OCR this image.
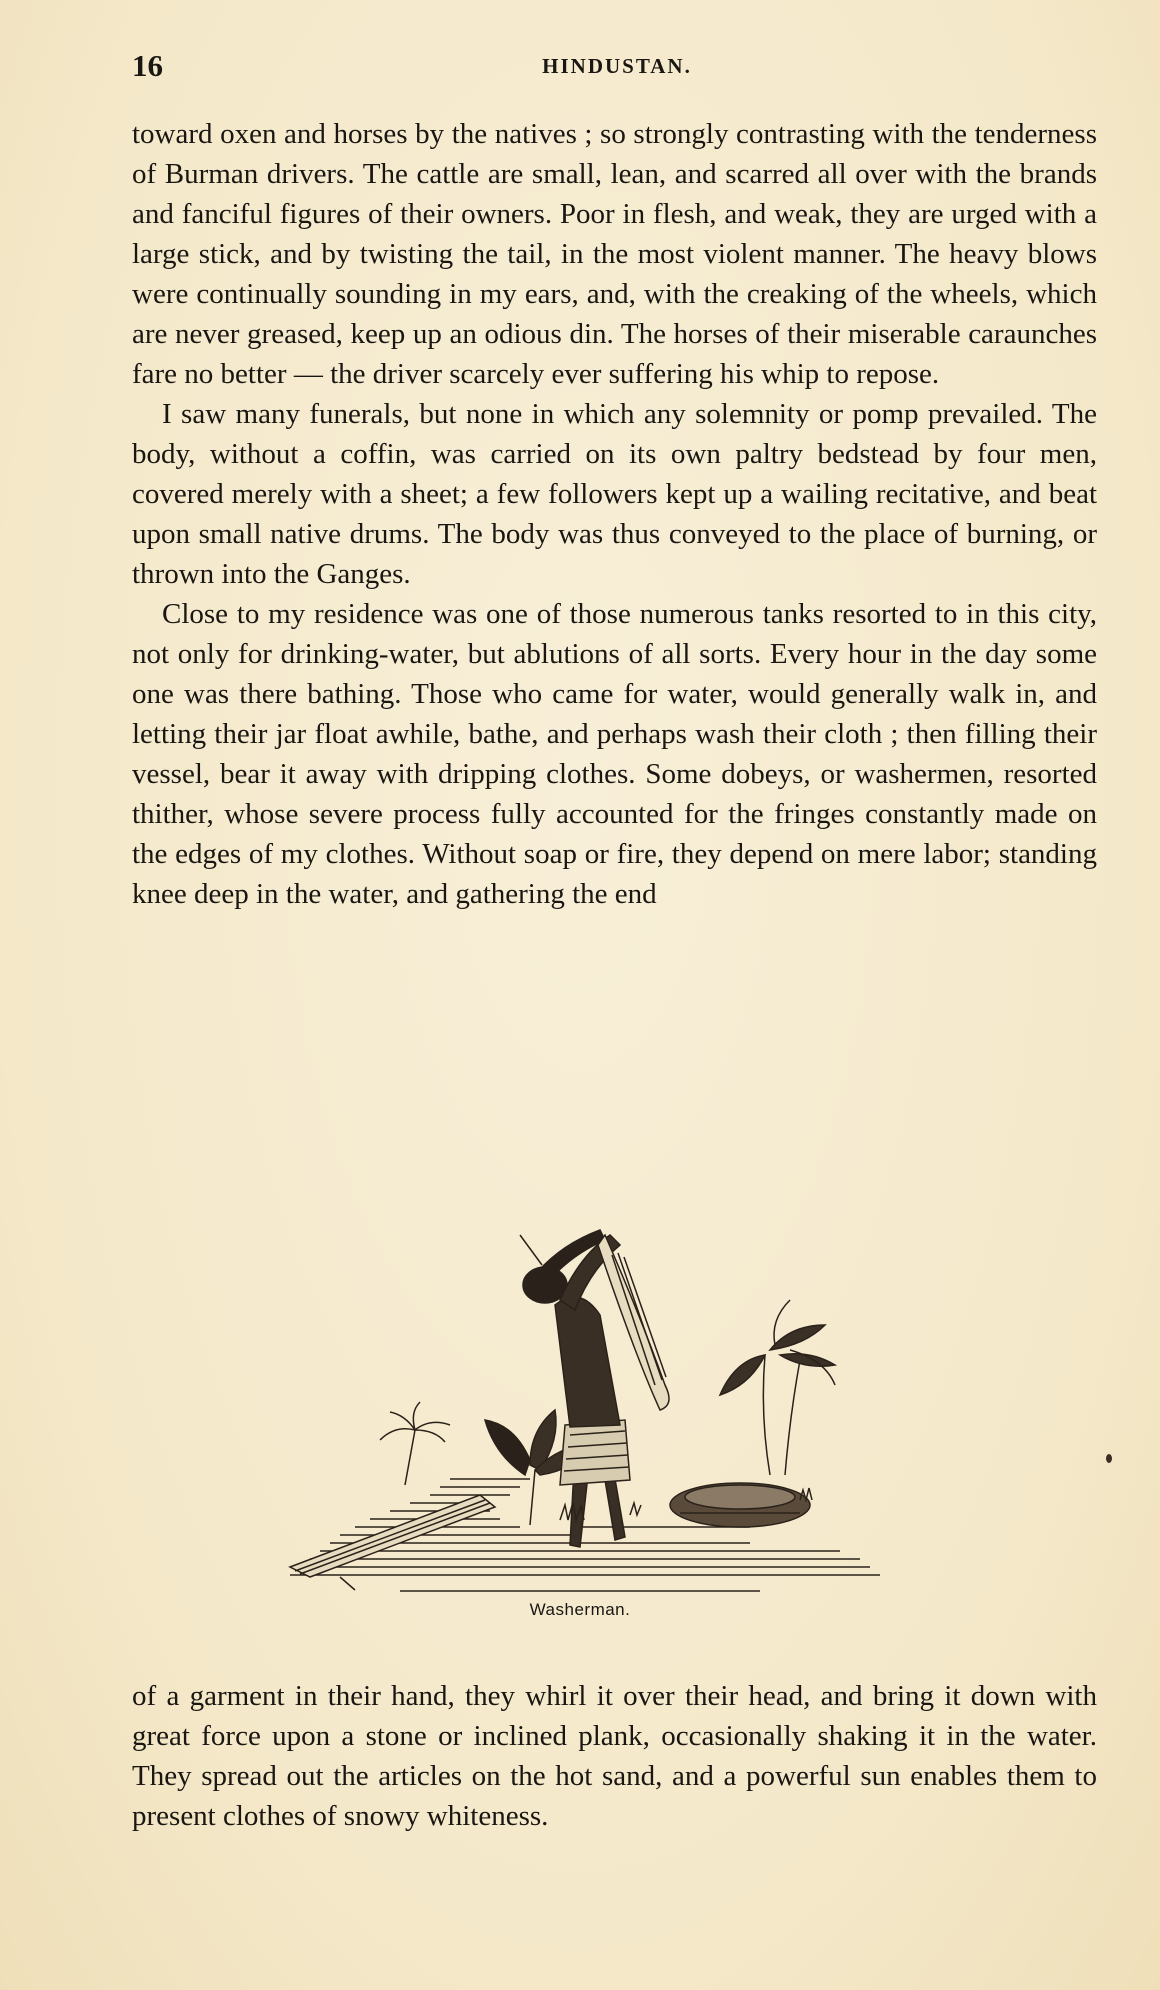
16	HINDUSTAN.

toward oxen and horses by the natives ; so strongly contrasting with the tenderness of Burman drivers. The cattle are small, lean, and scarred all over with the brands and fanciful figures of their owners. Poor in flesh, and weak, they are urged with a large stick, and by twisting the tail, in the most violent manner. The heavy blows were continually sounding in my ears, and, with the creaking of the wheels, which are never greased, keep up an odious din. The horses of their miserable caraunches fare no better — the driver scarcely ever suffering his whip to repose.

I saw many funerals, but none in which any solemnity or pomp prevailed. The body, without a coffin, was carried on its own paltry bedstead by four men, covered merely with a sheet; a few followers kept up a wailing recitative, and beat upon small native drums. The body was thus conveyed to the place of burning, or thrown into the Ganges.

Close to my residence was one of those numerous tanks resorted to in this city, not only for drinking-water, but ablutions of all sorts. Every hour in the day some one was there bathing. Those who came for water, would generally walk in, and letting their jar float awhile, bathe, and perhaps wash their cloth ; then filling their vessel, bear it away with dripping clothes. Some dobeys, or washermen, resorted thither, whose severe process fully accounted for the fringes constantly made on the edges of my clothes. Without soap or fire, they depend on mere labor; standing knee deep in the water, and gathering the end

Washerman.

of a garment in their hand, they whirl it over their head, and bring it down with great force upon a stone or inclined plank, occasionally shaking it in the water. They spread out the articles on the hot sand, and a powerful sun enables them to present clothes of snowy whiteness.
